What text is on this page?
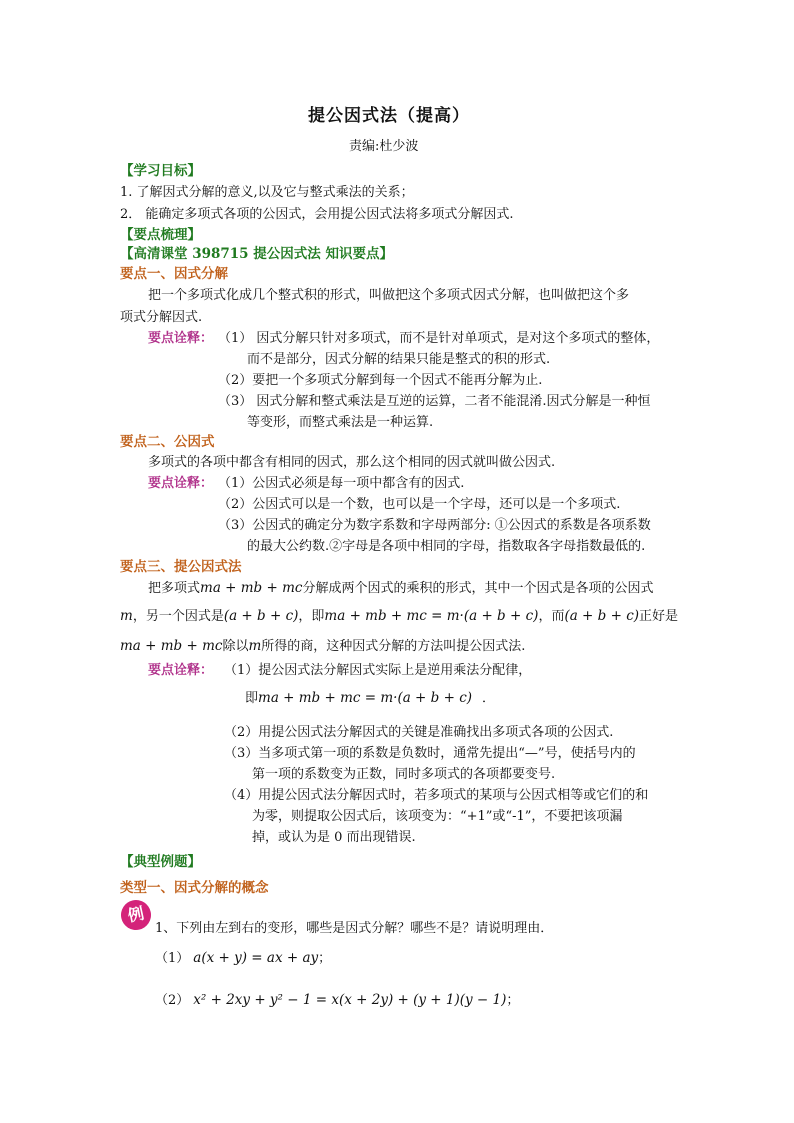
提公因式法（提高）
责编:杜少波
【学习目标】
1. 了解因式分解的意义,以及它与整式乘法的关系；
2． 能确定多项式各项的公因式，会用提公因式法将多项式分解因式.
【要点梳理】
【高清课堂 398715 提公因式法 知识要点】
要点一、因式分解
把一个多项式化成几个整式积的形式，叫做把这个多项式因式分解，也叫做把这个多
项式分解因式.
要点诠释： （1） 因式分解只针对多项式，而不是针对单项式，是对这个多项式的整体，
而不是部分，因式分解的结果只能是整式的积的形式.
（2）要把一个多项式分解到每一个因式不能再分解为止.
（3） 因式分解和整式乘法是互逆的运算，二者不能混淆.因式分解是一种恒
等变形，而整式乘法是一种运算.
要点二、公因式
多项式的各项中都含有相同的因式，那么这个相同的因式就叫做公因式.
要点诠释： （1）公因式必须是每一项中都含有的因式.
（2）公因式可以是一个数，也可以是一个字母，还可以是一个多项式.
（3）公因式的确定分为数字系数和字母两部分: ①公因式的系数是各项系数
的最大公约数.②字母是各项中相同的字母，指数取各字母指数最低的.
要点三、提公因式法
把多项式ma + mb + mc分解成两个因式的乘积的形式，其中一个因式是各项的公因式
m，另一个因式是(a + b + c)，即ma + mb + mc = m·(a + b + c)，而(a + b + c)正好是
ma + mb + mc除以m所得的商，这种因式分解的方法叫提公因式法.
要点诠释： （1）提公因式法分解因式实际上是逆用乘法分配律，
即ma + mb + mc = m·(a + b + c) ．
（2）用提公因式法分解因式的关键是准确找出多项式各项的公因式.
（3）当多项式第一项的系数是负数时，通常先提出“—”号，使括号内的
第一项的系数变为正数，同时多项式的各项都要变号.
（4）用提公因式法分解因式时，若多项式的某项与公因式相等或它们的和
为零，则提取公因式后，该项变为：“+1”或“-1”，不要把该项漏
掉，或认为是 0 而出现错误.
【典型例题】
类型一、因式分解的概念
例
1、下列由左到右的变形，哪些是因式分解？哪些不是？请说明理由．
（1） a(x + y) = ax + ay；
（2） x² + 2xy + y² − 1 = x(x + 2y) + (y + 1)(y − 1)；
